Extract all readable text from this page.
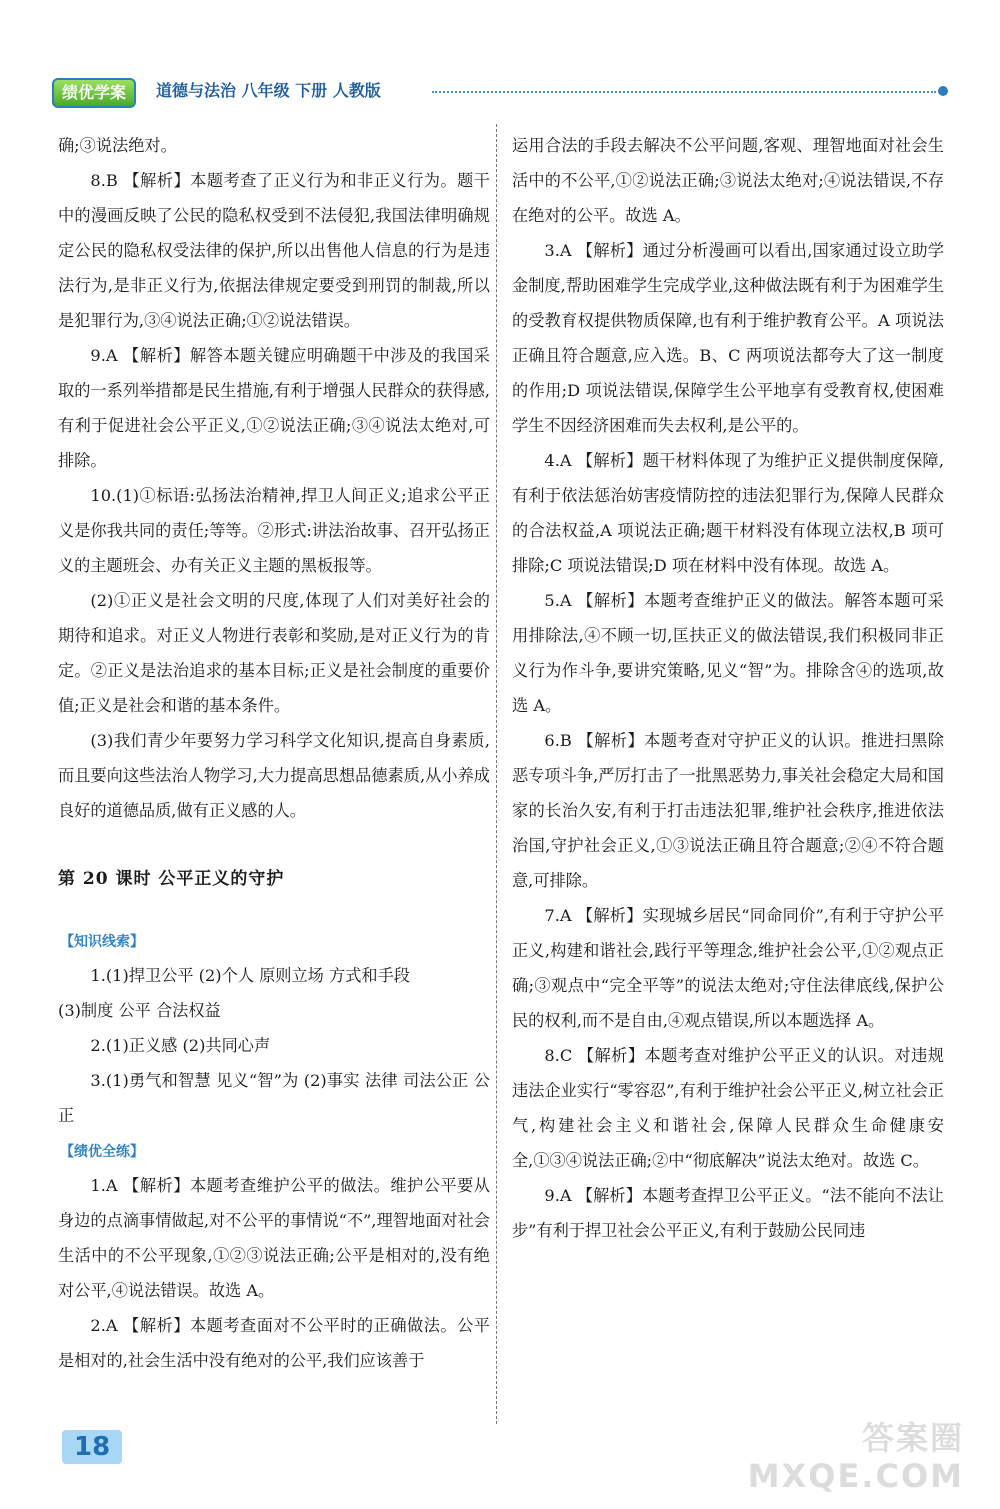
绩优学案	道德与法治 八年级 下册 人教版

确;③说法绝对。

8.B 【解析】本题考查了正义行为和非正义行为。题干中的漫画反映了公民的隐私权受到不法侵犯,我国法律明确规定公民的隐私权受法律的保护,所以出售他人信息的行为是违法行为,是非正义行为,依据法律规定要受到刑罚的制裁,所以是犯罪行为,③④说法正确;①②说法错误。

9.A 【解析】解答本题关键应明确题干中涉及的我国采取的一系列举措都是民生措施,有利于增强人民群众的获得感,有利于促进社会公平正义,①②说法正确;③④说法太绝对,可排除。

10.(1)①标语:弘扬法治精神,捍卫人间正义;追求公平正义是你我共同的责任;等等。②形式:讲法治故事、召开弘扬正义的主题班会、办有关正义主题的黑板报等。

(2)①正义是社会文明的尺度,体现了人们对美好社会的期待和追求。对正义人物进行表彰和奖励,是对正义行为的肯定。②正义是法治追求的基本目标;正义是社会制度的重要价值;正义是社会和谐的基本条件。

(3)我们青少年要努力学习科学文化知识,提高自身素质,而且要向这些法治人物学习,大力提高思想品德素质,从小养成良好的道德品质,做有正义感的人。

第 20 课时 公平正义的守护

【知识线索】

1.(1)捍卫公平 (2)个人 原则立场 方式和手段

(3)制度 公平 合法权益

2.(1)正义感 (2)共同心声

3.(1)勇气和智慧 见义“智”为 (2)事实 法律 司法公正 公正

【绩优全练】

1.A 【解析】本题考查维护公平的做法。维护公平要从身边的点滴事情做起,对不公平的事情说“不”,理智地面对社会生活中的不公平现象,①②③说法正确;公平是相对的,没有绝对公平,④说法错误。故选 A。

2.A 【解析】本题考查面对不公平时的正确做法。公平是相对的,社会生活中没有绝对的公平,我们应该善于

运用合法的手段去解决不公平问题,客观、理智地面对社会生活中的不公平,①②说法正确;③说法太绝对;④说法错误,不存在绝对的公平。故选 A。

3.A 【解析】通过分析漫画可以看出,国家通过设立助学金制度,帮助困难学生完成学业,这种做法既有利于为困难学生的受教育权提供物质保障,也有利于维护教育公平。A 项说法正确且符合题意,应入选。B、C 两项说法都夸大了这一制度的作用;D 项说法错误,保障学生公平地享有受教育权,使困难学生不因经济困难而失去权利,是公平的。

4.A 【解析】题干材料体现了为维护正义提供制度保障,有利于依法惩治妨害疫情防控的违法犯罪行为,保障人民群众的合法权益,A 项说法正确;题干材料没有体现立法权,B 项可排除;C 项说法错误;D 项在材料中没有体现。故选 A。

5.A 【解析】本题考查维护正义的做法。解答本题可采用排除法,④不顾一切,匡扶正义的做法错误,我们积极同非正义行为作斗争,要讲究策略,见义“智”为。排除含④的选项,故选 A。

6.B 【解析】本题考查对守护正义的认识。推进扫黑除恶专项斗争,严厉打击了一批黑恶势力,事关社会稳定大局和国家的长治久安,有利于打击违法犯罪,维护社会秩序,推进依法治国,守护社会正义,①③说法正确且符合题意;②④不符合题意,可排除。

7.A 【解析】实现城乡居民“同命同价”,有利于守护公平正义,构建和谐社会,践行平等理念,维护社会公平,①②观点正确;③观点中“完全平等”的说法太绝对;守住法律底线,保护公民的权利,而不是自由,④观点错误,所以本题选择 A。

8.C 【解析】本题考查对维护公平正义的认识。对违规违法企业实行“零容忍”,有利于维护社会公平正义,树立社会正气,构建社会主义和谐社会,保障人民群众生命健康安全,①③④说法正确;②中“彻底解决”说法太绝对。故选 C。

9.A 【解析】本题考查捍卫公平正义。“法不能向不法让步”有利于捍卫社会公平正义,有利于鼓励公民同违

18	答案圈
MXQE.COM
